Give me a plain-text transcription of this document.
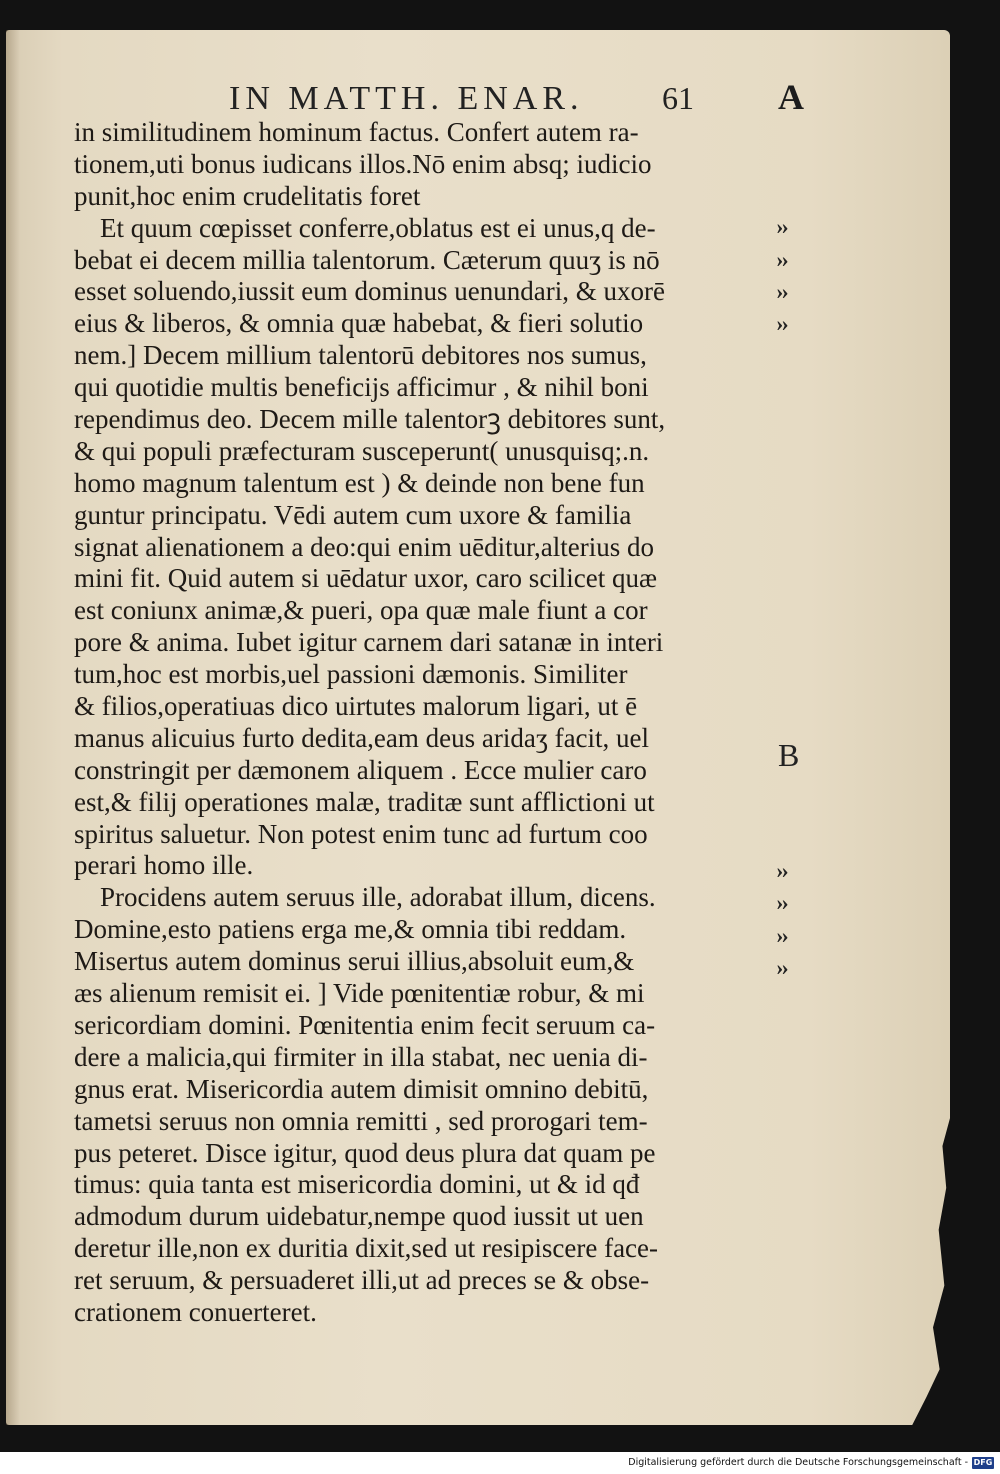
IN MATTH. ENAR. 61 A
in similitudinem hominum factus. Confert autem ra-
tionem,uti bonus iudicans illos.Nō enim absq; iudicio
punit,hoc enim crudelitatis foret
Et quum cœpisset conferre,oblatus est ei unus,q de-
bebat ei decem millia talentorum. Cæterum quuʒ is nō
esset soluendo,iussit eum dominus uenundari, & uxorē
eius & liberos, & omnia quæ habebat, & fieri solutio
nem.] Decem millium talentorū debitores nos sumus,
qui quotidie multis beneficijs afficimur , & nihil boni
rependimus deo. Decem mille talentorꝫ debitores sunt,
& qui populi præfecturam susceperunt( unusquisq;.n.
homo magnum talentum est ) & deinde non bene fun
guntur principatu. Vēdi autem cum uxore & familia
signat alienationem a deo:qui enim uēditur,alterius do
mini fit. Quid autem si uēdatur uxor, caro scilicet quæ
est coniunx animæ,& pueri, opa quæ male fiunt a cor
pore & anima. Iubet igitur carnem dari satanæ in interi
tum,hoc est morbis,uel passioni dæmonis. Similiter
& filios,operatiuas dico uirtutes malorum ligari, ut ē
manus alicuius furto dedita,eam deus aridaʒ facit, uel
constringit per dæmonem aliquem . Ecce mulier caro
est,& filij operationes malæ, traditæ sunt afflictioni ut
spiritus saluetur. Non potest enim tunc ad furtum coo
perari homo ille.
Procidens autem seruus ille, adorabat illum, dicens.
Domine,esto patiens erga me,& omnia tibi reddam.
Misertus autem dominus serui illius,absoluit eum,&
æs alienum remisit ei. ] Vide pœnitentiæ robur, & mi
sericordiam domini. Pœnitentia enim fecit seruum ca-
dere a malicia,qui firmiter in illa stabat, nec uenia di-
gnus erat. Misericordia autem dimisit omnino debitū,
tametsi seruus non omnia remitti , sed prorogari tem-
pus peteret. Disce igitur, quod deus plura dat quam pe
timus: quia tanta est misericordia domini, ut & id qđ
admodum durum uidebatur,nempe quod iussit ut uen
deretur ille,non ex duritia dixit,sed ut resipiscere face-
ret seruum, & persuaderet illi,ut ad preces se & obse-
crationem conuerteret.
››
››
››
››
B
››
››
››
››
Digitalisierung gefördert durch die Deutsche Forschungsgemeinschaft - DFG
